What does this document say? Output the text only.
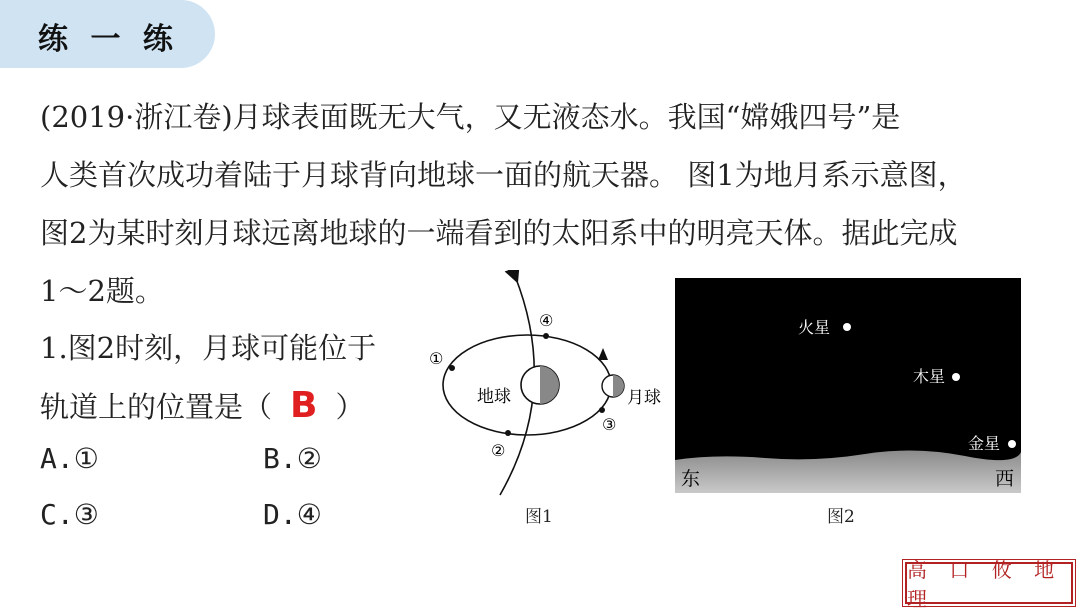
练 一 练
(2019·浙江卷)月球表面既无大气，又无液态水。我国“嫦娥四号”是
人类首次成功着陆于月球背向地球一面的航天器。 图1为地月系示意图，
图2为某时刻月球远离地球的一端看到的太阳系中的明亮天体。据此完成
1～2题。
1.图2时刻，月球可能位于
轨道上的位置是（ B ）
A.①	B.②
C.③	D.④
①
②
③
④
地球	月球
图1
火星
木星
金星
东	西
图2
高 口 攸 地 理
